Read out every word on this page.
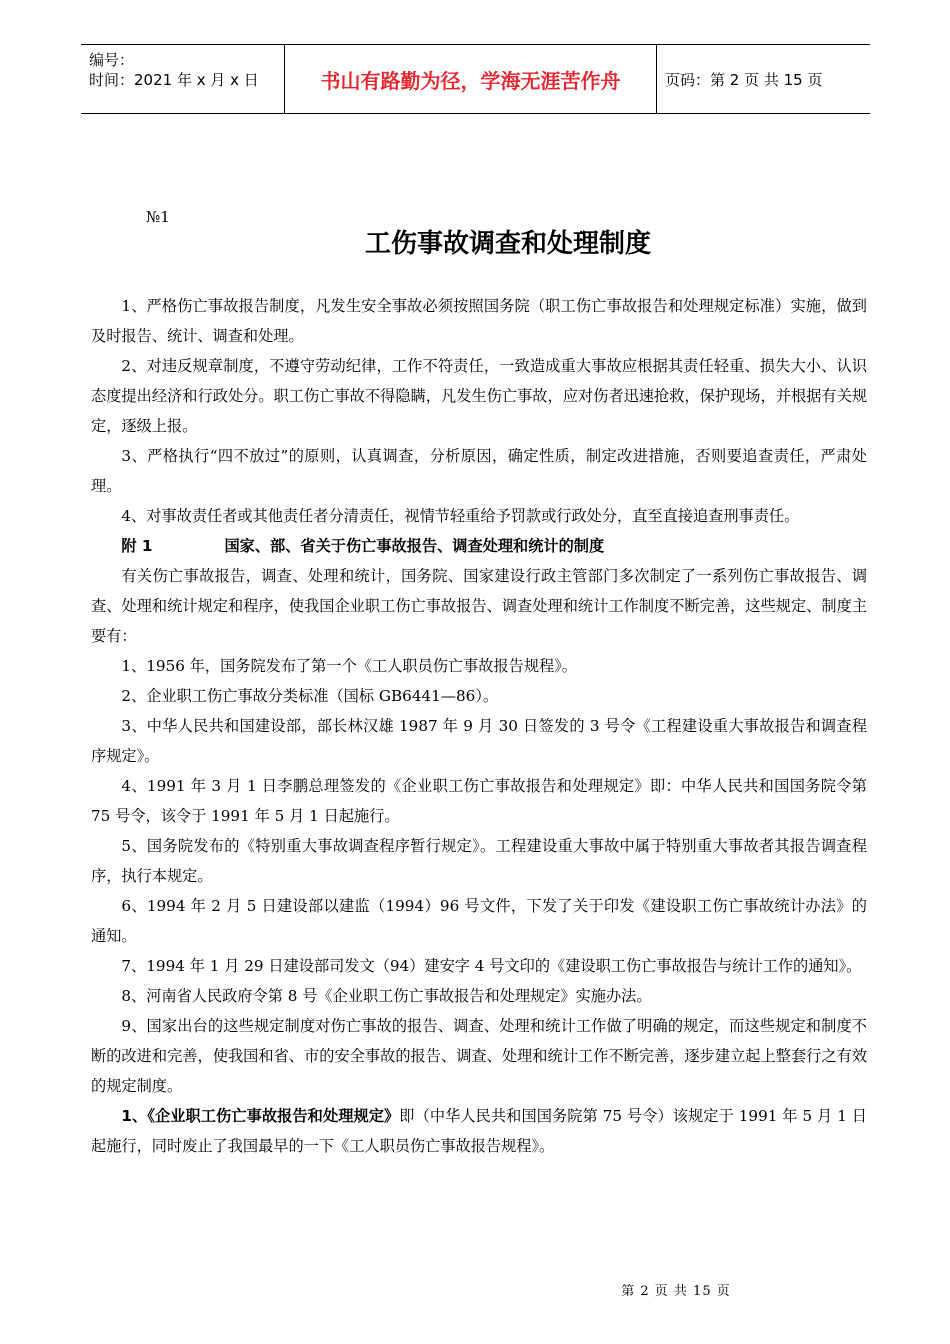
编号：
时间：2021 年 x 月 x 日	书山有路勤为径，学海无涯苦作舟	页码：第 2 页 共 15 页
№1
工伤事故调查和处理制度

1、严格伤亡事故报告制度，凡发生安全事故必须按照国务院（职工伤亡事故报告和处理规定标准）实施，做到及时报告、统计、调查和处理。

2、对违反规章制度，不遵守劳动纪律，工作不符责任，一致造成重大事故应根据其责任轻重、损失大小、认识态度提出经济和行政处分。职工伤亡事故不得隐瞒，凡发生伤亡事故，应对伤者迅速抢救，保护现场，并根据有关规定，逐级上报。

3、严格执行“四不放过”的原则，认真调查，分析原因，确定性质，制定改进措施，否则要追查责任，严肃处理。

4、对事故责任者或其他责任者分清责任，视情节轻重给予罚款或行政处分，直至直接追查刑事责任。

附 1	国家、部、省关于伤亡事故报告、调查处理和统计的制度

有关伤亡事故报告，调查、处理和统计，国务院、国家建设行政主管部门多次制定了一系列伤亡事故报告、调查、处理和统计规定和程序，使我国企业职工伤亡事故报告、调查处理和统计工作制度不断完善，这些规定、制度主要有：

1、1956 年，国务院发布了第一个《工人职员伤亡事故报告规程》。

2、企业职工伤亡事故分类标准（国标 GB6441—86）。

3、中华人民共和国建设部，部长林汉雄 1987 年 9 月 30 日签发的 3 号令《工程建设重大事故报告和调查程序规定》。

4、1991 年 3 月 1 日李鹏总理签发的《企业职工伤亡事故报告和处理规定》即：中华人民共和国国务院令第 75 号令，该令于 1991 年 5 月 1 日起施行。

5、国务院发布的《特别重大事故调查程序暂行规定》。工程建设重大事故中属于特别重大事故者其报告调查程序，执行本规定。

6、1994 年 2 月 5 日建设部以建监（1994）96 号文件，下发了关于印发《建设职工伤亡事故统计办法》的通知。

7、1994 年 1 月 29 日建设部司发文（94）建安字 4 号文印的《建设职工伤亡事故报告与统计工作的通知》。

8、河南省人民政府令第 8 号《企业职工伤亡事故报告和处理规定》实施办法。

9、国家出台的这些规定制度对伤亡事故的报告、调查、处理和统计工作做了明确的规定，而这些规定和制度不断的改进和完善，使我国和省、市的安全事故的报告、调查、处理和统计工作不断完善，逐步建立起上整套行之有效的规定制度。

1、《企业职工伤亡事故报告和处理规定》即（中华人民共和国国务院第 75 号令）该规定于 1991 年 5 月 1 日起施行，同时废止了我国最早的一下《工人职员伤亡事故报告规程》。

第 2 页 共 15 页
